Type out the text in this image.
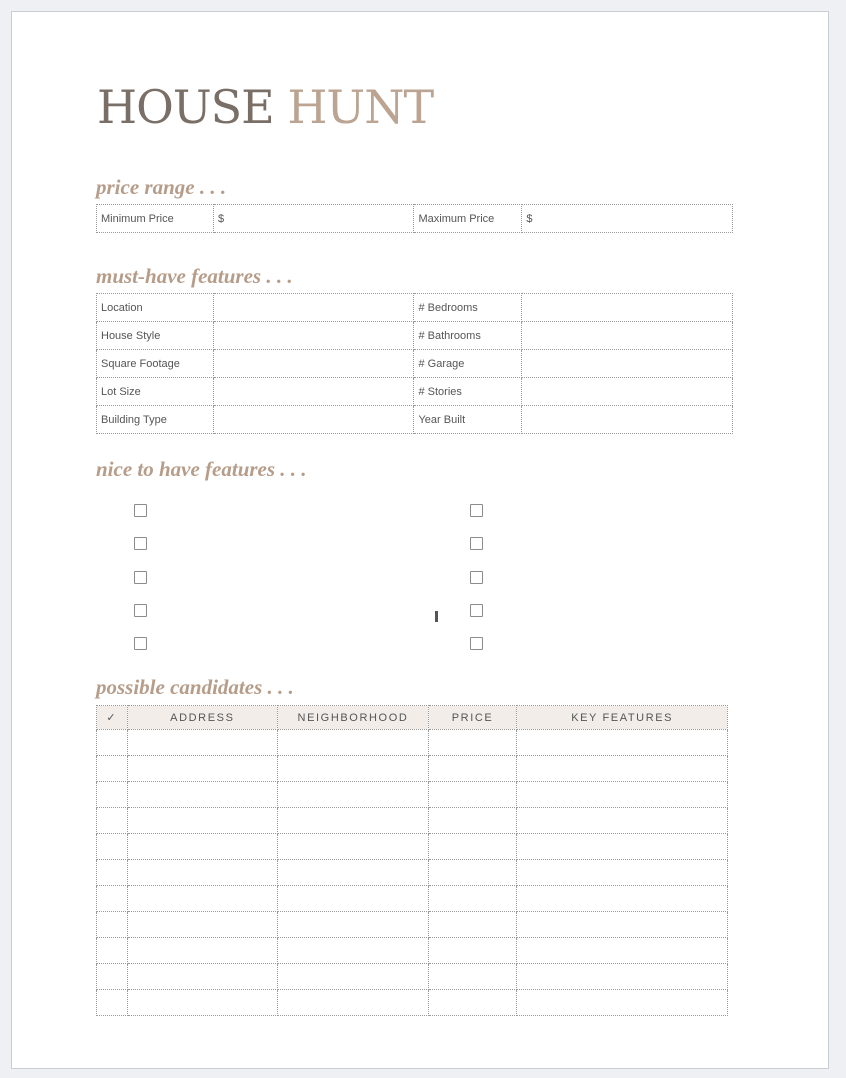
HOUSE HUNT
price range . . .
Minimum Price	$	Maximum Price	$
must-have features . . .
Location		# Bedrooms	
House Style		# Bathrooms	
Square Footage		# Garage	
Lot Size		# Stories	
Building Type		Year Built	
nice to have features . . .
possible candidates . . .
✓	ADDRESS	NEIGHBORHOOD	PRICE	KEY FEATURES
